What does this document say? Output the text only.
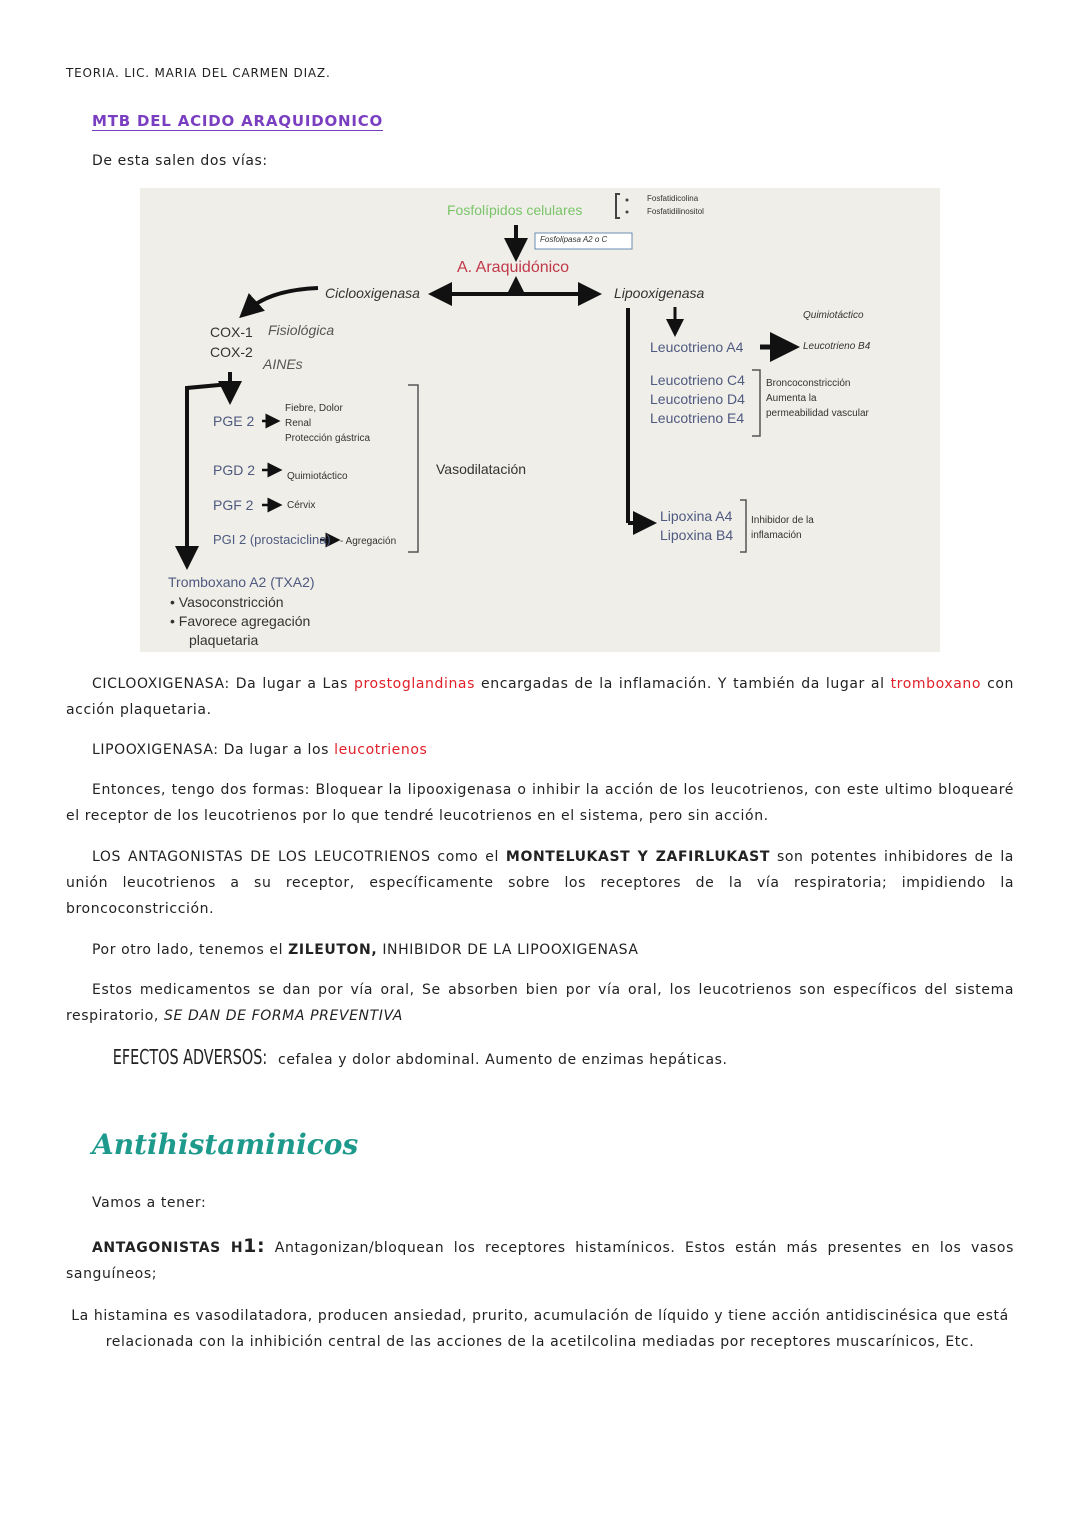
TEORIA. LIC. MARIA DEL CARMEN DIAZ.
MTB DEL ACIDO ARAQUIDONICO
De esta salen dos vías:
Fosfolípidos celulares
Fosfatidicolina
Fosfatidilinositol
Fosfolipasa A2 o C
A. Araquidónico
Ciclooxigenasa	Lipooxigenasa
COX-1
COX-2
Fisiológica
AINEs
PGE 2
Fiebre, Dolor
Renal
Protección gástrica
PGD 2	Quimiotáctico
PGF 2	Cérvix
PGI 2 (prostaciclina) - Agregación
Vasodilatación
Tromboxano A2 (TXA2)
• Vasoconstricción
• Favorece agregación
plaquetaria
Quimiotáctico
Leucotrieno A4	Leucotrieno B4
Leucotrieno C4
Leucotrieno D4
Leucotrieno E4
Broncoconstricción
Aumenta la
permeabilidad vascular
Lipoxina A4
Lipoxina B4
Inhibidor de la
inflamación
CICLOOXIGENASA: Da lugar a Las prostoglandinas encargadas de la inflamación. Y también da lugar al tromboxano con acción plaquetaria.
LIPOOXIGENASA: Da lugar a los leucotrienos
Entonces, tengo dos formas: Bloquear la lipooxigenasa o inhibir la acción de los leucotrienos, con este ultimo bloquearé el receptor de los leucotrienos por lo que tendré leucotrienos en el sistema, pero sin acción.
LOS ANTAGONISTAS DE LOS LEUCOTRIENOS como el MONTELUKAST Y ZAFIRLUKAST son potentes inhibidores de la unión leucotrienos a su receptor, específicamente sobre los receptores de la vía respiratoria; impidiendo la broncoconstricción.
Por otro lado, tenemos el ZILEUTON, INHIBIDOR DE LA LIPOOXIGENASA
Estos medicamentos se dan por vía oral, Se absorben bien por vía oral, los leucotrienos son específicos del sistema respiratorio, SE DAN DE FORMA PREVENTIVA
EFECTOS ADVERSOS: cefalea y dolor abdominal. Aumento de enzimas hepáticas.
Antihistaminicos
Vamos a tener:
ANTAGONISTAS H1: Antagonizan/bloquean los receptores histamínicos. Estos están más presentes en los vasos sanguíneos;
La histamina es vasodilatadora, producen ansiedad, prurito, acumulación de líquido y tiene acción antidiscinésica que está relacionada con la inhibición central de las acciones de la acetilcolina mediadas por receptores muscarínicos, Etc.
